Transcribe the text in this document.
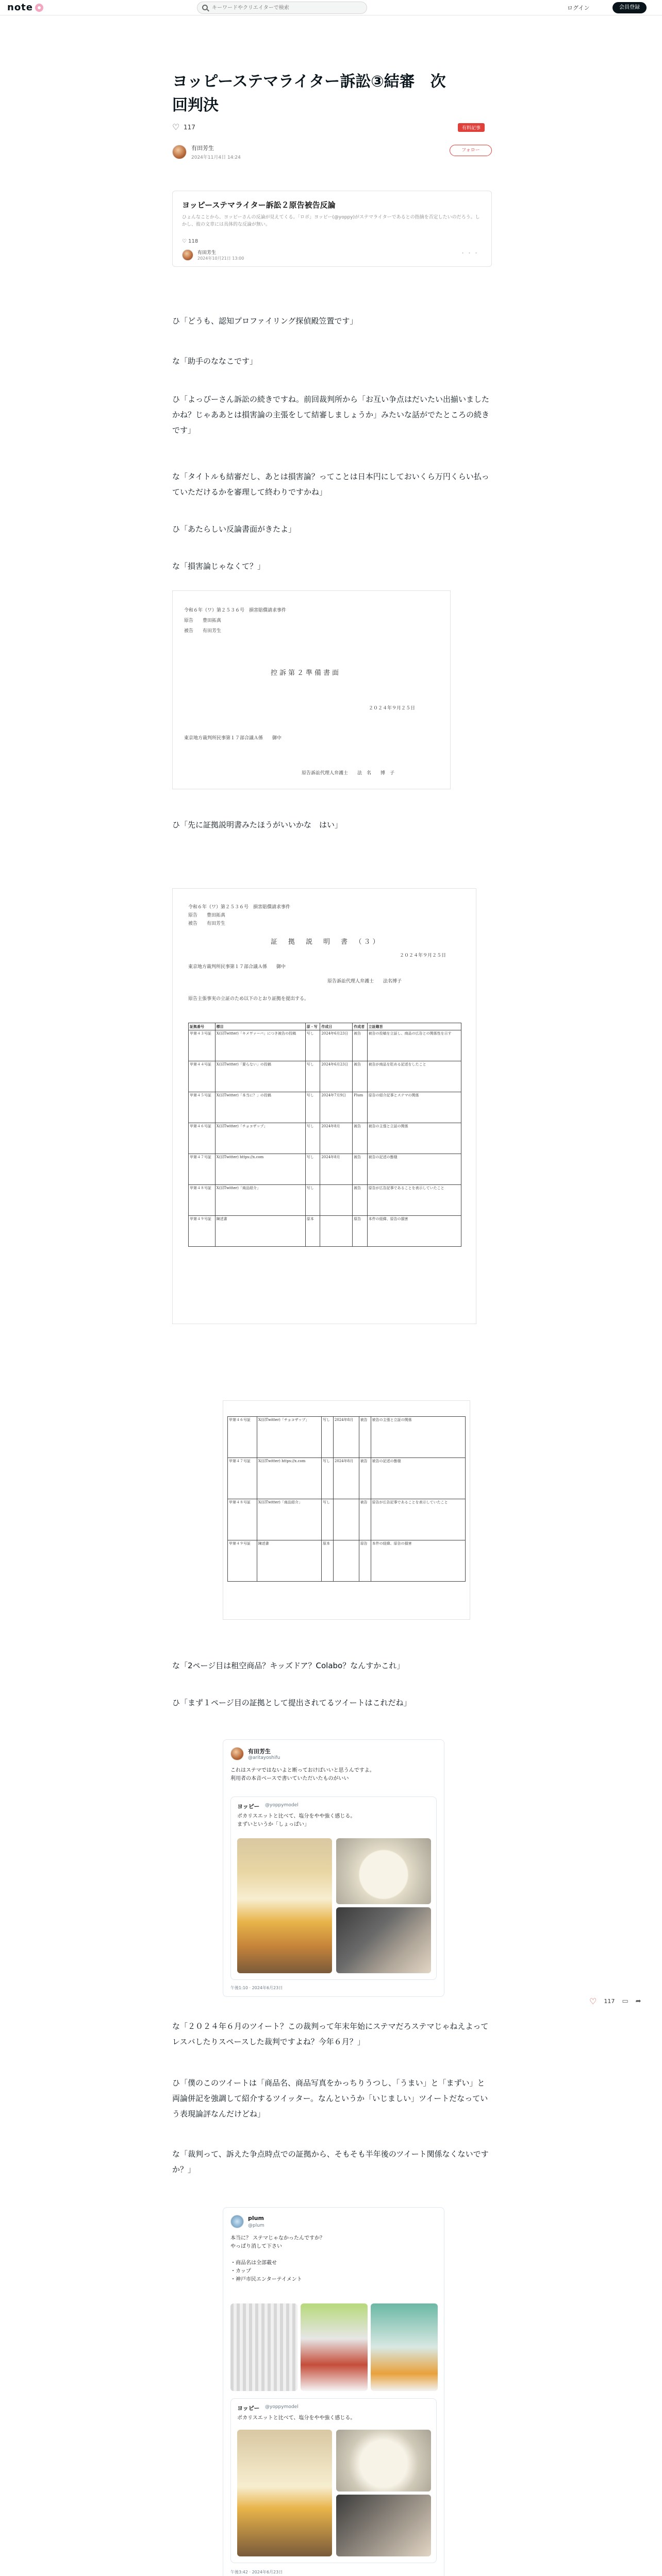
note
キーワードやクリエイターで検索	ログイン	会員登録
ヨッピーステマライター訴訟③結審　次回判決
♡
117	有料記事
有田芳生
2024年11月4日 14:24
フォロー
ヨッピーステマライター訴訟２原告被告反論
ひょんなことから、ヨッピーさんの反論が見えてくる。「ロボ」ヨッピー(@yoppy)がステマライターであるとの指摘を否定したいのだろう。しかし、彼の文章には具体的な反論が無い。
♡ 118
有田芳生
2024年10月21日 13:00
・・・

ひ「どうも、認知プロファイリング探偵殿笠置です」

な「助手のななこです」

ひ「よっぴーさん訴訟の続きですね。前回裁判所から「お互い争点はだいたい出揃いましたかね？じゃああとは損害論の主張をして結審しましょうか」みたいな話がでたところの続きです」

な「タイトルも結審だし、あとは損害論？ってことは日本円にしておいくら万円くらい払っていただけるかを審理して終わりですかね」

ひ「あたらしい反論書面がきたよ」

な「損害論じゃなくて？」

令和６年（ワ）第２５３６号　損害賠償請求事件
原告　　豊田拓真
被告　　有田芳生
控訴第２準備書面
２０２４年９月２５日
東京地方裁判所民事第１７部合議Ａ係　　御中
原告訴訟代理人弁護士　　法　名　　博　子

ひ「先に証拠説明書みたほうがいいかな　はい」

令和６年（ワ）第２５３６号　損害賠償請求事件
原告　　豊田拓真
被告　　有田芳生
証　拠　説　明　書　（３）
２０２４年９月２５日
東京地方裁判所民事第１７部合議Ａ係　　御中
原告訴訟代理人弁護士　　法名博子
原告主張事実の立証のため以下のとおり証拠を提出する。
証拠番号	標目	原・写	作成日	作成者	立証趣旨
甲第４３号証	X(旧Twitter)「キメヴァーパ」につき被告の投稿	写し	2024年6月23日	被告	被告の投稿を立証し、商品の広告との関係性を示す
甲第４４号証	X(旧Twitter)「要らない」の投稿	写し	2024年6月23日	被告	被告が商品を貶める記述をしたこと
甲第４５号証	X(旧Twitter)「本当に？」の投稿	写し	2024年7月9日	Plum	原告の紹介記事とステマの関係
甲第４６号証	X(旧Twitter)「チョコザップ」	写し	2024年8月	被告	被告の主張と立証の関係
甲第４７号証	X(旧Twitter) https://x.com	写し	2024年8月	被告	被告の記述の態様
甲第４８号証	X(旧Twitter)「商品紹介」	写し		被告	原告が広告記事であることを表示していたこと
甲第４９号証	陳述書	原本		原告	本件の経緯、原告の損害
甲第４６号証	X(旧Twitter)「チョコザップ」	写し	2024年8月	被告	被告の主張と立証の関係
甲第４７号証	X(旧Twitter) https://x.com	写し	2024年8月	被告	被告の記述の態様
甲第４８号証	X(旧Twitter)「商品紹介」	写し		被告	原告が広告記事であることを表示していたこと
甲第４９号証	陳述書	原本		原告	本件の経緯、原告の損害

な「2ページ目は租空商品？キッズドア？Colabo？なんすかこれ」

ひ「まず１ページ目の証拠として提出されてるツイートはこれだね」

有田芳生
@aritayoshifu
これはステマではないよと断っておけばいいと思うんですよ。
利用者の本音ベースで書いていただいたものがいい
ヨッピー @yoppymodel
ポカリスエットと比べて、塩分をやや強く感じる。
まずいというか「しょっぱい」
午後1:10 · 2024年6月23日
♡ 117 ▭ ➦

な「２０２４年６月のツイート？この裁判って年末年始にステマだろステマじゃねえよってレスバしたりスペースした裁判ですよね？今年６月？」

ひ「僕のこのツイートは「商品名、商品写真をかっちりうつし、「うまい」と「まずい」と両論併記を強調して紹介するツイッター。なんというか「いじましい」ツイートだなっていう表現論評なんだけどね」

な「裁判って、訴えた争点時点での証拠から、そもそも半年後のツイート関係なくないですか？」

plum
@plum
本当に？ ステマじゃなかったんですか？
やっぱり消して下さい

・商品名は全部載せ
・カップ
・神戸市民エンターテイメント
ヨッピー @yoppymodel
ポカリスエットと比べて、塩分をやや強く感じる。
午後3:42 · 2024年6月23日
